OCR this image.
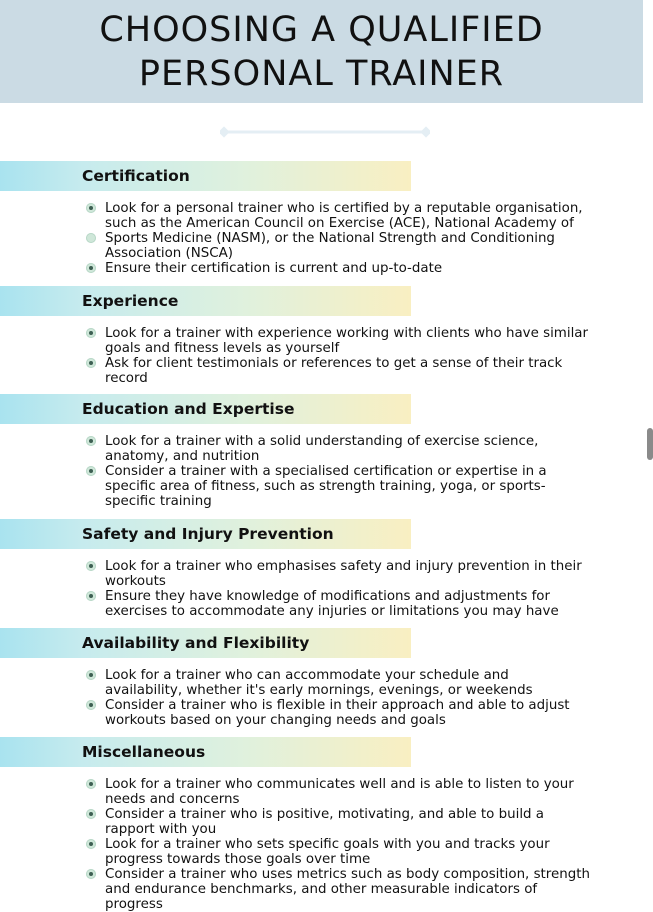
CHOOSING A QUALIFIED
PERSONAL TRAINER
Certification
Look for a personal trainer who is certified by a reputable organisation, such as the American Council on Exercise (ACE), National Academy of
Sports Medicine (NASM), or the National Strength and Conditioning Association (NSCA)
Ensure their certification is current and up-to-date
Experience
Look for a trainer with experience working with clients who have similar goals and fitness levels as yourself
Ask for client testimonials or references to get a sense of their track record
Education and Expertise
Look for a trainer with a solid understanding of exercise science, anatomy, and nutrition
Consider a trainer with a specialised certification or expertise in a specific area of fitness, such as strength training, yoga, or sports-specific training
Safety and Injury Prevention
Look for a trainer who emphasises safety and injury prevention in their workouts
Ensure they have knowledge of modifications and adjustments for exercises to accommodate any injuries or limitations you may have
Availability and Flexibility
Look for a trainer who can accommodate your schedule and availability, whether it's early mornings, evenings, or weekends
Consider a trainer who is flexible in their approach and able to adjust workouts based on your changing needs and goals
Miscellaneous
Look for a trainer who communicates well and is able to listen to your needs and concerns
Consider a trainer who is positive, motivating, and able to build a rapport with you
Look for a trainer who sets specific goals with you and tracks your progress towards those goals over time
Consider a trainer who uses metrics such as body composition, strength and endurance benchmarks, and other measurable indicators of progress
